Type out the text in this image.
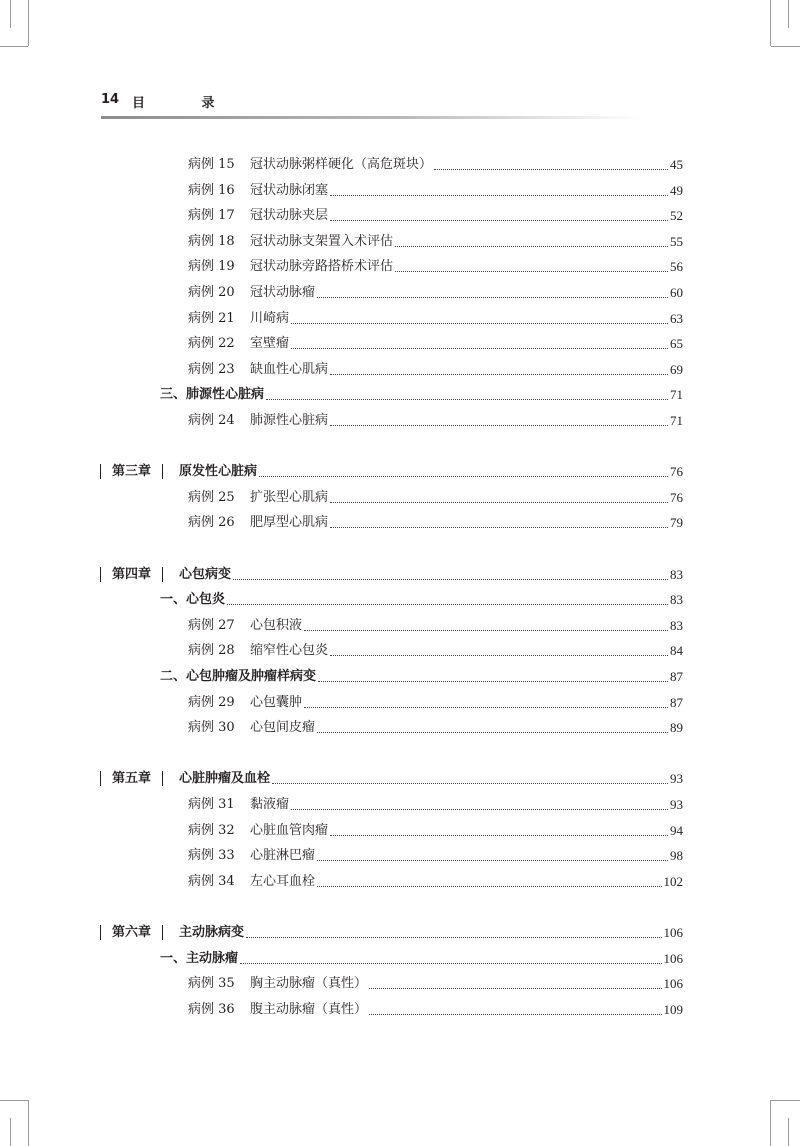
14 目 录
病例 15	冠状动脉粥样硬化（高危斑块）	45
病例 16	冠状动脉闭塞	49
病例 17	冠状动脉夹层	52
病例 18	冠状动脉支架置入术评估	55
病例 19	冠状动脉旁路搭桥术评估	56
病例 20	冠状动脉瘤	60
病例 21	川崎病	63
病例 22	室壁瘤	65
病例 23	缺血性心肌病	69
三、肺源性心脏病	71
病例 24	肺源性心脏病	71
第三章 原发性心脏病	76
病例 25	扩张型心肌病	76
病例 26	肥厚型心肌病	79
第四章 心包病变	83
一、心包炎	83
病例 27	心包积液	83
病例 28	缩窄性心包炎	84
二、心包肿瘤及肿瘤样病变	87
病例 29	心包囊肿	87
病例 30	心包间皮瘤	89
第五章 心脏肿瘤及血栓	93
病例 31	黏液瘤	93
病例 32	心脏血管肉瘤	94
病例 33	心脏淋巴瘤	98
病例 34	左心耳血栓	102
第六章 主动脉病变	106
一、主动脉瘤	106
病例 35	胸主动脉瘤（真性）	106
病例 36	腹主动脉瘤（真性）	109
